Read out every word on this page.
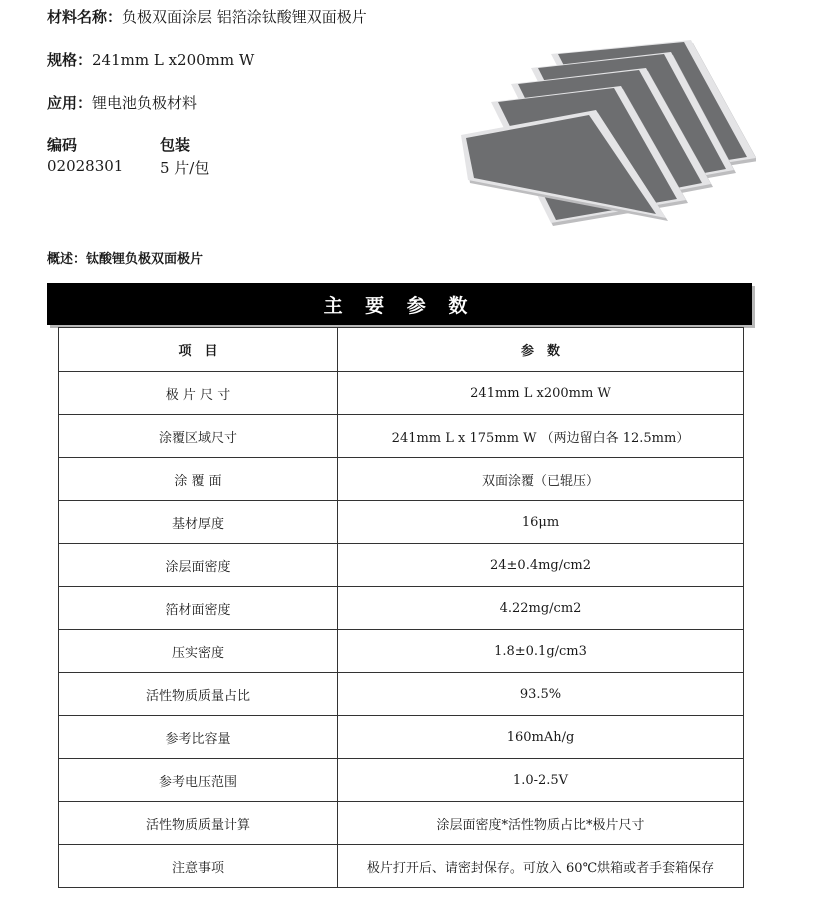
材料名称：负极双面涂层 铝箔涂钛酸锂双面极片
规格：241mm L x200mm W
应用：锂电池负极材料
编码	包装
02028301 5 片/包
概述：钛酸锂负极双面极片
主 要 参 数
项　目	参　数
极 片 尺 寸	241mm L x200mm W
涂覆区域尺寸	241mm L x 175mm W （两边留白各 12.5mm）
涂 覆 面	双面涂覆（已辊压）
基材厚度	16μm
涂层面密度	24±0.4mg/cm2
箔材面密度	4.22mg/cm2
压实密度	1.8±0.1g/cm3
活性物质质量占比	93.5%
参考比容量	160mAh/g
参考电压范围	1.0-2.5V
活性物质质量计算	涂层面密度*活性物质占比*极片尺寸
注意事项	极片打开后、请密封保存。可放入 60℃烘箱或者手套箱保存
